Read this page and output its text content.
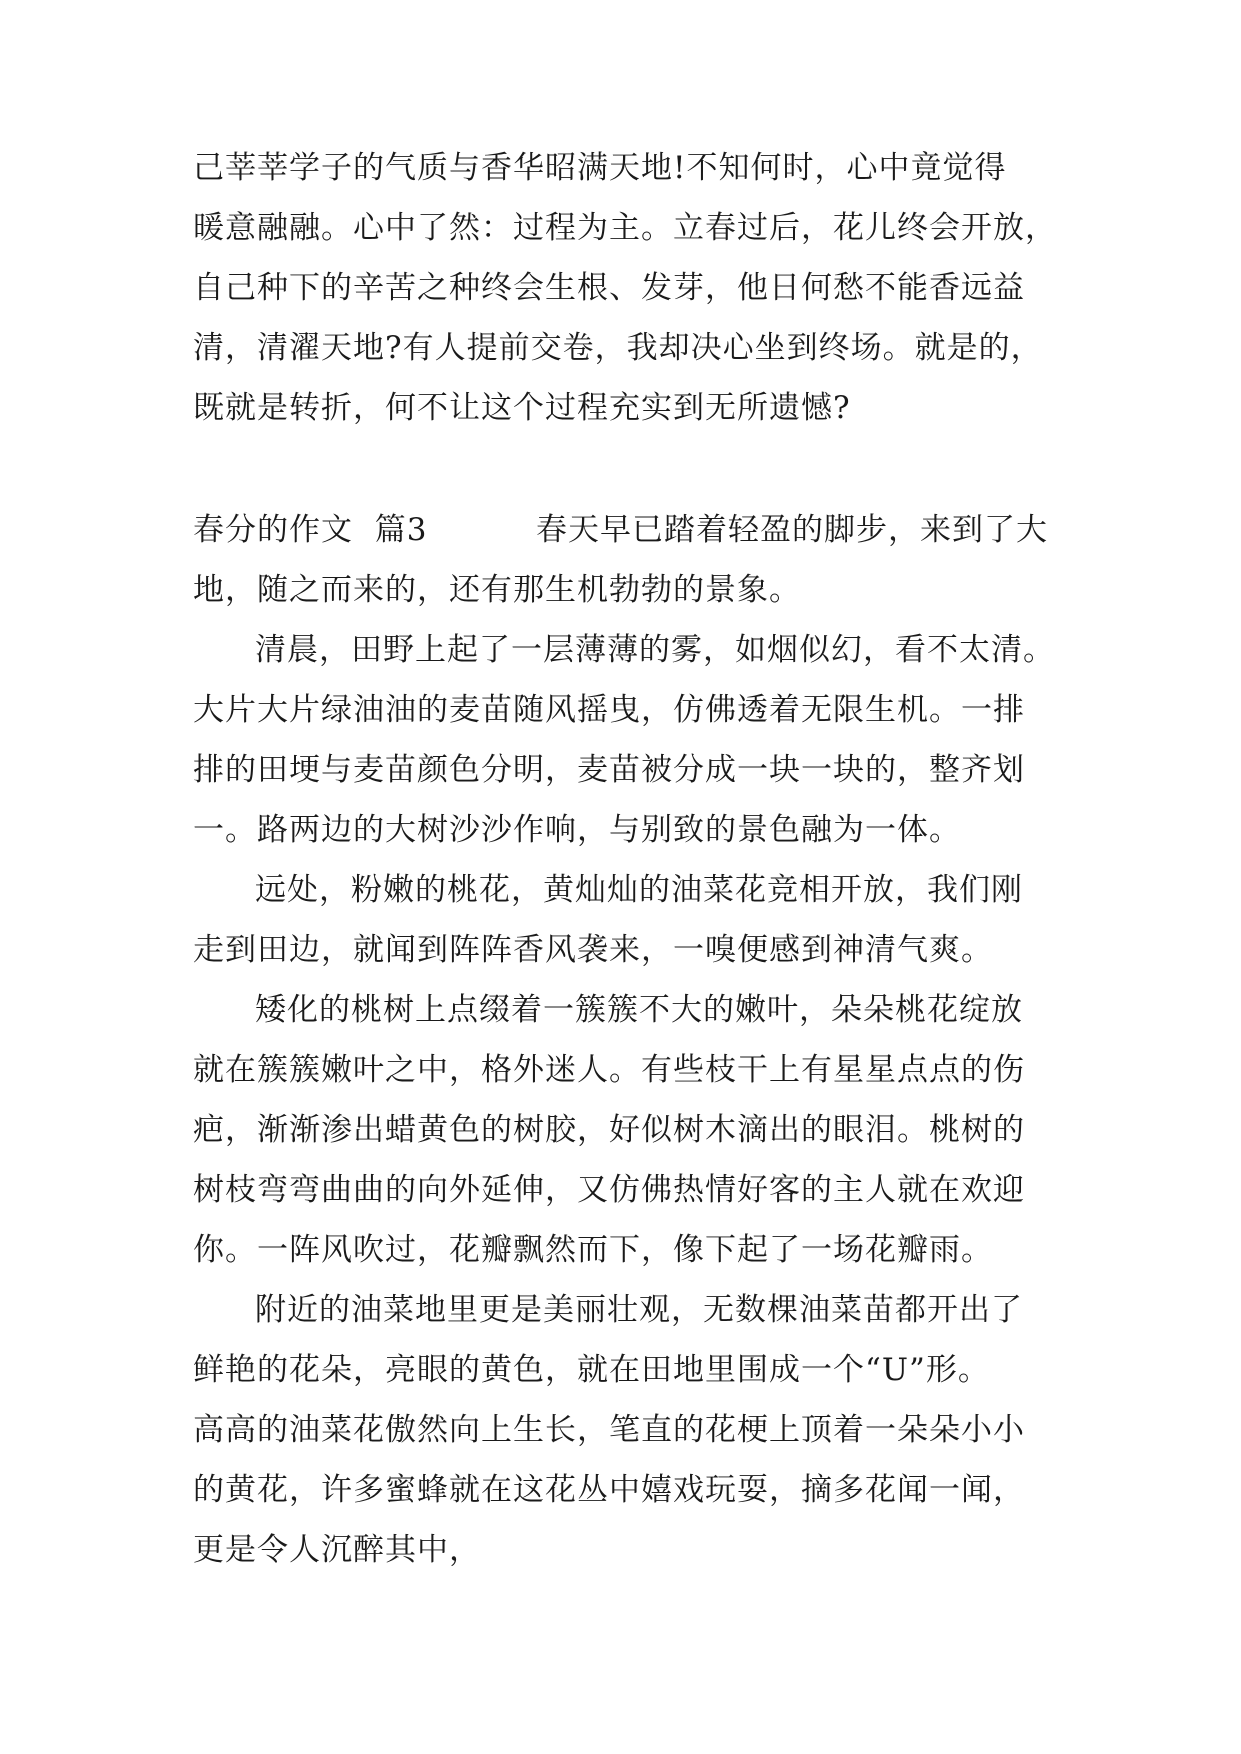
己莘莘学子的气质与香华昭满天地!不知何时，心中竟觉得
暖意融融。心中了然：过程为主。立春过后，花儿终会开放，
自己种下的辛苦之种终会生根、发芽，他日何愁不能香远益
清，清濯天地?有人提前交卷，我却决心坐到终场。就是的，
既就是转折，何不让这个过程充实到无所遗憾?
春分的作文  篇3          春天早已踏着轻盈的脚步，来到了大
地，随之而来的，还有那生机勃勃的景象。
清晨，田野上起了一层薄薄的雾，如烟似幻，看不太清。
大片大片绿油油的麦苗随风摇曳，仿佛透着无限生机。一排
排的田埂与麦苗颜色分明，麦苗被分成一块一块的，整齐划
一。路两边的大树沙沙作响，与别致的景色融为一体。
远处，粉嫩的桃花，黄灿灿的油菜花竞相开放，我们刚
走到田边，就闻到阵阵香风袭来，一嗅便感到神清气爽。
矮化的桃树上点缀着一簇簇不大的嫩叶，朵朵桃花绽放
就在簇簇嫩叶之中，格外迷人。有些枝干上有星星点点的伤
疤，渐渐渗出蜡黄色的树胶，好似树木滴出的眼泪。桃树的
树枝弯弯曲曲的向外延伸，又仿佛热情好客的主人就在欢迎
你。一阵风吹过，花瓣飘然而下，像下起了一场花瓣雨。
附近的油菜地里更是美丽壮观，无数棵油菜苗都开出了
鲜艳的花朵，亮眼的黄色，就在田地里围成一个“U”形。
高高的油菜花傲然向上生长，笔直的花梗上顶着一朵朵小小
的黄花，许多蜜蜂就在这花丛中嬉戏玩耍，摘多花闻一闻，
更是令人沉醉其中，
